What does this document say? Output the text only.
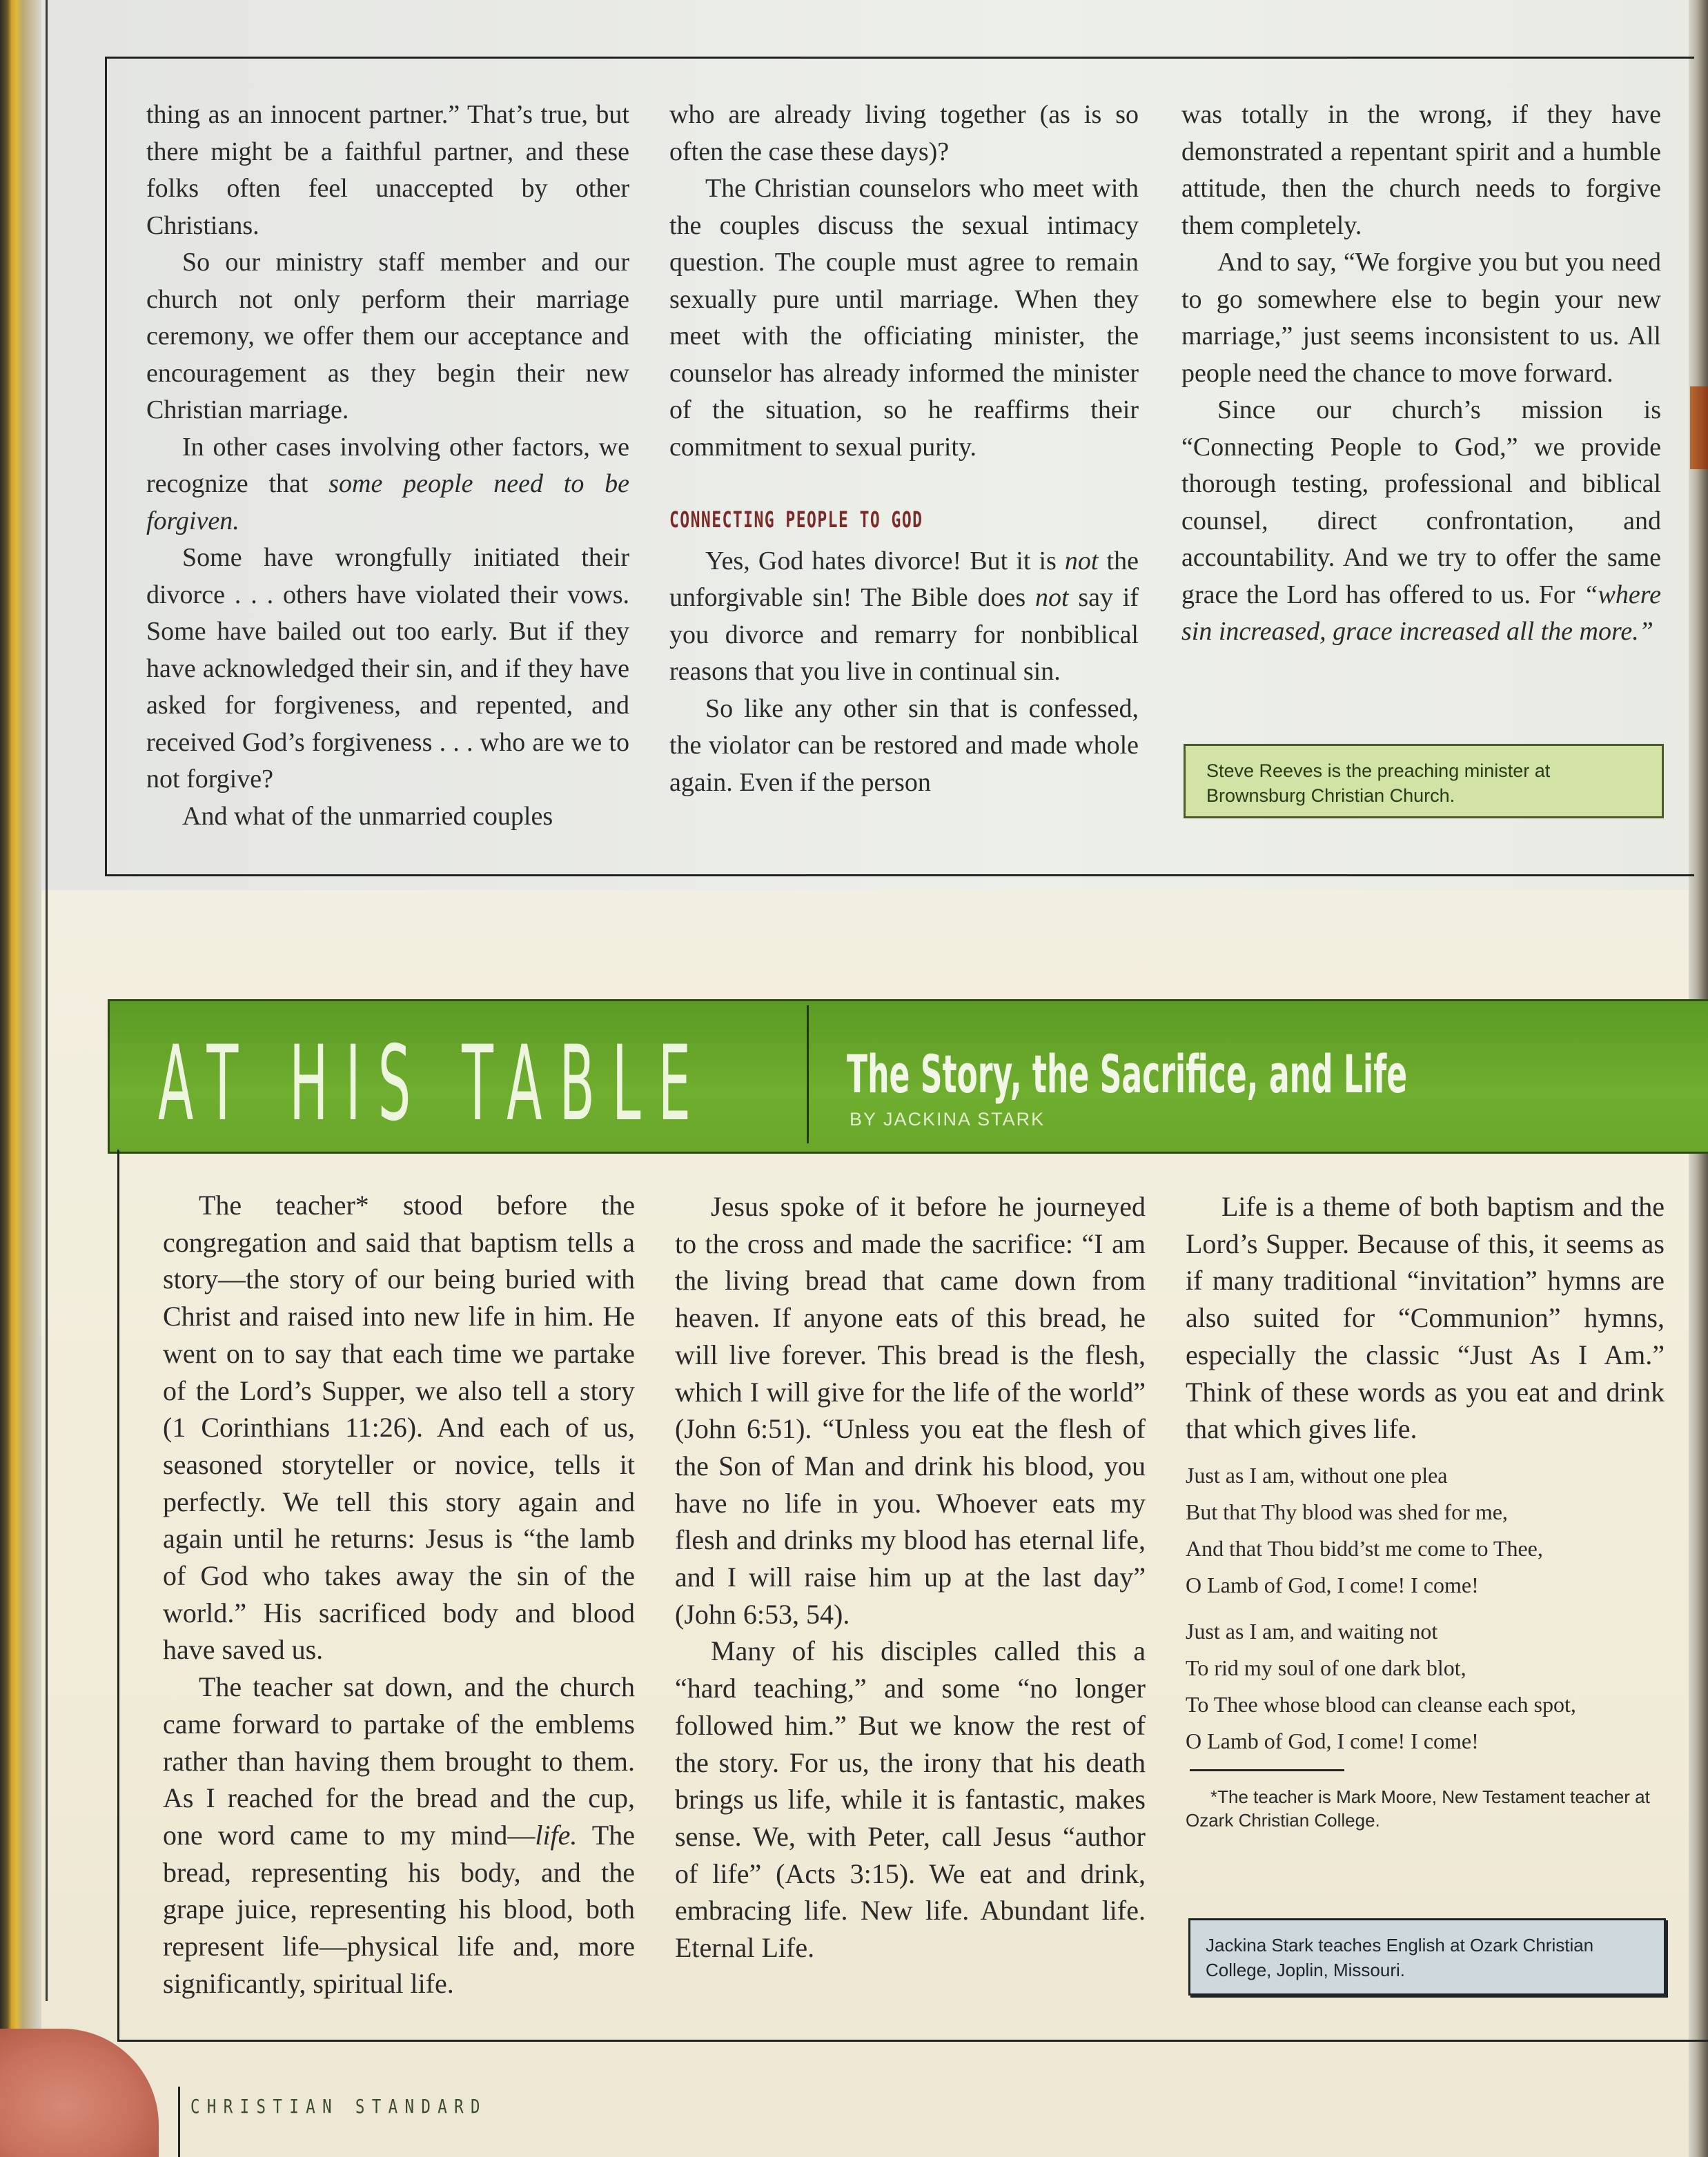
thing as an innocent partner.” That’s true, but there might be a faithful partner, and these folks often feel unaccepted by other Christians.

So our ministry staff member and our church not only perform their marriage ceremony, we offer them our acceptance and encouragement as they begin their new Christian marriage.

In other cases involving other factors, we recognize that some people need to be forgiven.

Some have wrongfully initiated their divorce . . . others have violated their vows. Some have bailed out too early. But if they have acknowledged their sin, and if they have asked for forgiveness, and repented, and received God’s forgiveness . . . who are we to not forgive?

And what of the unmarried couples

who are already living together (as is so often the case these days)?

The Christian counselors who meet with the couples discuss the sexual intimacy question. The couple must agree to remain sexually pure until marriage. When they meet with the officiating minister, the counselor has already informed the minister of the situation, so he reaffirms their commitment to sexual purity.

CONNECTING PEOPLE TO GOD

Yes, God hates divorce! But it is not the unforgivable sin! The Bible does not say if you divorce and remarry for nonbiblical reasons that you live in continual sin.

So like any other sin that is confessed, the violator can be restored and made whole again. Even if the person

was totally in the wrong, if they have demonstrated a repentant spirit and a humble attitude, then the church needs to forgive them completely.

And to say, “We forgive you but you need to go somewhere else to begin your new marriage,” just seems inconsistent to us. All people need the chance to move forward.

Since our church’s mission is “Connecting People to God,” we provide thorough testing, professional and biblical counsel, direct confrontation, and accountability. And we try to offer the same grace the Lord has offered to us. For “where sin increased, grace increased all the more.”

Steve Reeves is the preaching minister at Brownsburg Christian Church.
AT HIS TABLE	The Story, the Sacrifice, and Life
BY JACKINA STARK

The teacher* stood before the congregation and said that baptism tells a story—the story of our being buried with Christ and raised into new life in him. He went on to say that each time we partake of the Lord’s Supper, we also tell a story (1 Corinthians 11:26). And each of us, seasoned storyteller or novice, tells it perfectly. We tell this story again and again until he returns: Jesus is “the lamb of God who takes away the sin of the world.” His sacrificed body and blood have saved us.

The teacher sat down, and the church came forward to partake of the emblems rather than having them brought to them. As I reached for the bread and the cup, one word came to my mind—life. The bread, representing his body, and the grape juice, representing his blood, both represent life—physical life and, more significantly, spiritual life.

Jesus spoke of it before he journeyed to the cross and made the sacrifice: “I am the living bread that came down from heaven. If anyone eats of this bread, he will live forever. This bread is the flesh, which I will give for the life of the world” (John 6:51). “Unless you eat the flesh of the Son of Man and drink his blood, you have no life in you. Whoever eats my flesh and drinks my blood has eternal life, and I will raise him up at the last day” (John 6:53, 54).

Many of his disciples called this a “hard teaching,” and some “no longer followed him.” But we know the rest of the story. For us, the irony that his death brings us life, while it is fantastic, makes sense. We, with Peter, call Jesus “author of life” (Acts 3:15). We eat and drink, embracing life. New life. Abundant life. Eternal Life.

Life is a theme of both baptism and the Lord’s Supper. Because of this, it seems as if many traditional “invitation” hymns are also suited for “Communion” hymns, especially the classic “Just As I Am.” Think of these words as you eat and drink that which gives life.

Just as I am, without one plea
But that Thy blood was shed for me,
And that Thou bidd’st me come to Thee,
O Lamb of God, I come! I come!
Just as I am, and waiting not
To rid my soul of one dark blot,
To Thee whose blood can cleanse each spot,
O Lamb of God, I come! I come!
*The teacher is Mark Moore, New Testament teacher at Ozark Christian College.
Jackina Stark teaches English at Ozark Christian College, Joplin, Missouri.
CHRISTIAN STANDARD
